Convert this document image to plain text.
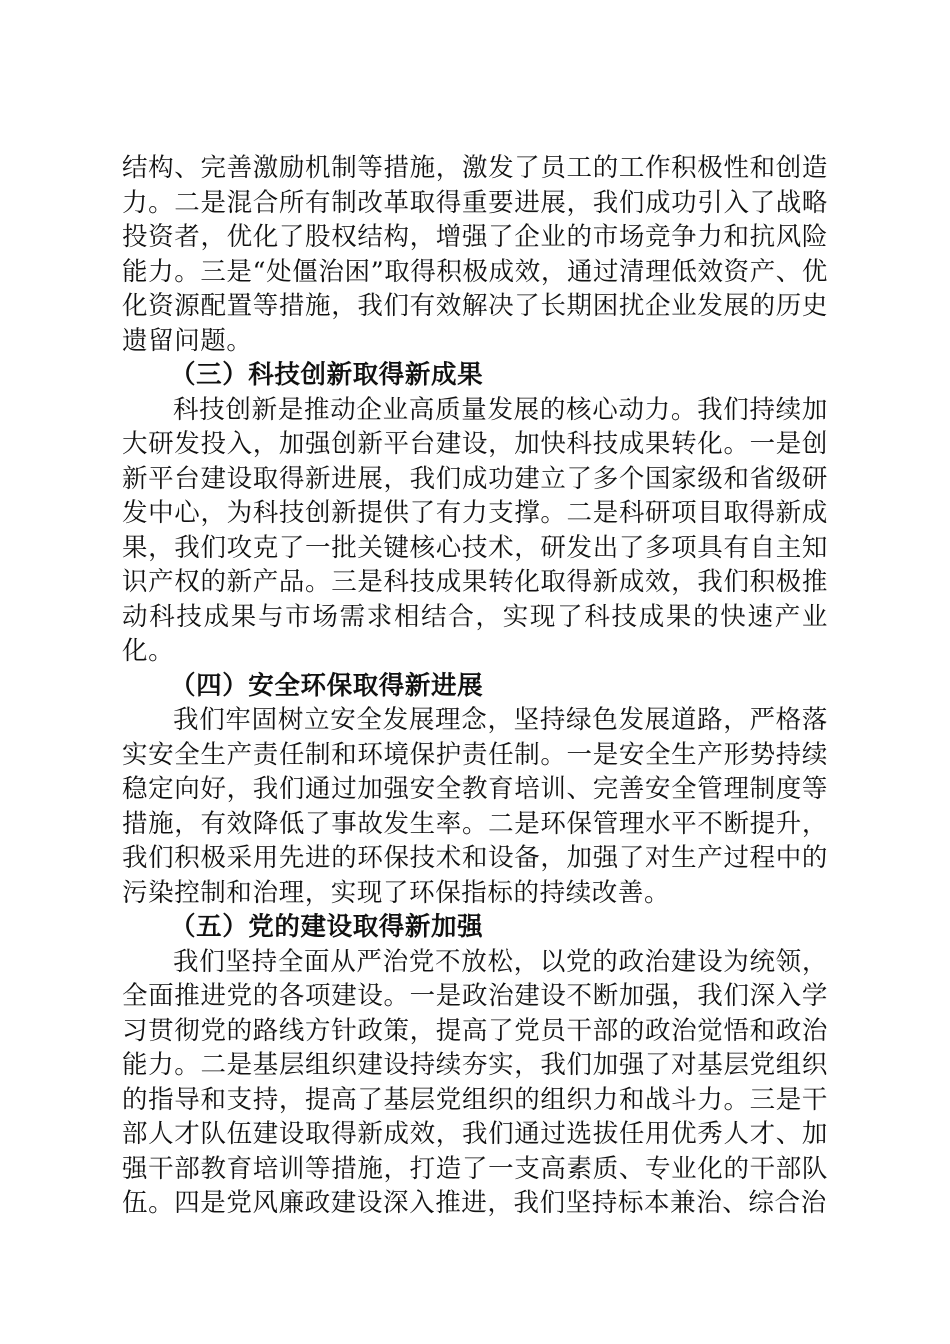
结构、完善激励机制等措施，激发了员工的工作积极性和创造力。二是混合所有制改革取得重要进展，我们成功引入了战略投资者，优化了股权结构，增强了企业的市场竞争力和抗风险能力。三是“处僵治困”取得积极成效，通过清理低效资产、优化资源配置等措施，我们有效解决了长期困扰企业发展的历史遗留问题。

（三）科技创新取得新成果

科技创新是推动企业高质量发展的核心动力。我们持续加大研发投入，加强创新平台建设，加快科技成果转化。一是创新平台建设取得新进展，我们成功建立了多个国家级和省级研发中心，为科技创新提供了有力支撑。二是科研项目取得新成果，我们攻克了一批关键核心技术，研发出了多项具有自主知识产权的新产品。三是科技成果转化取得新成效，我们积极推动科技成果与市场需求相结合，实现了科技成果的快速产业化。

（四）安全环保取得新进展

我们牢固树立安全发展理念，坚持绿色发展道路，严格落实安全生产责任制和环境保护责任制。一是安全生产形势持续稳定向好，我们通过加强安全教育培训、完善安全管理制度等措施，有效降低了事故发生率。二是环保管理水平不断提升，我们积极采用先进的环保技术和设备，加强了对生产过程中的污染控制和治理，实现了环保指标的持续改善。

（五）党的建设取得新加强

我们坚持全面从严治党不放松，以党的政治建设为统领，全面推进党的各项建设。一是政治建设不断加强，我们深入学习贯彻党的路线方针政策，提高了党员干部的政治觉悟和政治能力。二是基层组织建设持续夯实，我们加强了对基层党组织的指导和支持，提高了基层党组织的组织力和战斗力。三是干部人才队伍建设取得新成效，我们通过选拔任用优秀人才、加强干部教育培训等措施，打造了一支高素质、专业化的干部队伍。四是党风廉政建设深入推进，我们坚持标本兼治、综合治
